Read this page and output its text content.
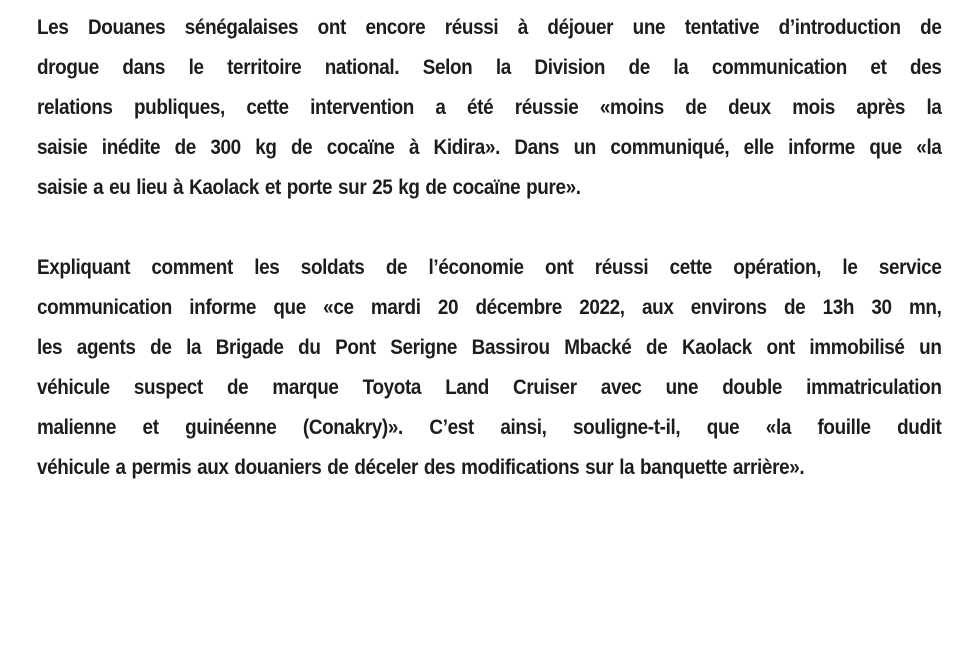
Les Douanes sénégalaises ont encore réussi à déjouer une tentative d’introduction de
drogue dans le territoire national. Selon la Division de la communication et des
relations publiques, cette intervention a été réussie «moins de deux mois après la
saisie inédite de 300 kg de cocaïne à Kidira». Dans un communiqué, elle informe que «la
saisie a eu lieu à Kaolack et porte sur 25 kg de cocaïne pure».

Expliquant comment les soldats de l’économie ont réussi cette opération, le service
communication informe que «ce mardi 20 décembre 2022, aux environs de 13h 30 mn,
les agents de la Brigade du Pont Serigne Bassirou Mbacké de Kaolack ont immobilisé un
véhicule suspect de marque Toyota Land Cruiser avec une double immatriculation
malienne et guinéenne (Conakry)». C’est ainsi, souligne-t-il, que «la fouille dudit
véhicule a permis aux douaniers de déceler des modifications sur la banquette arrière».
